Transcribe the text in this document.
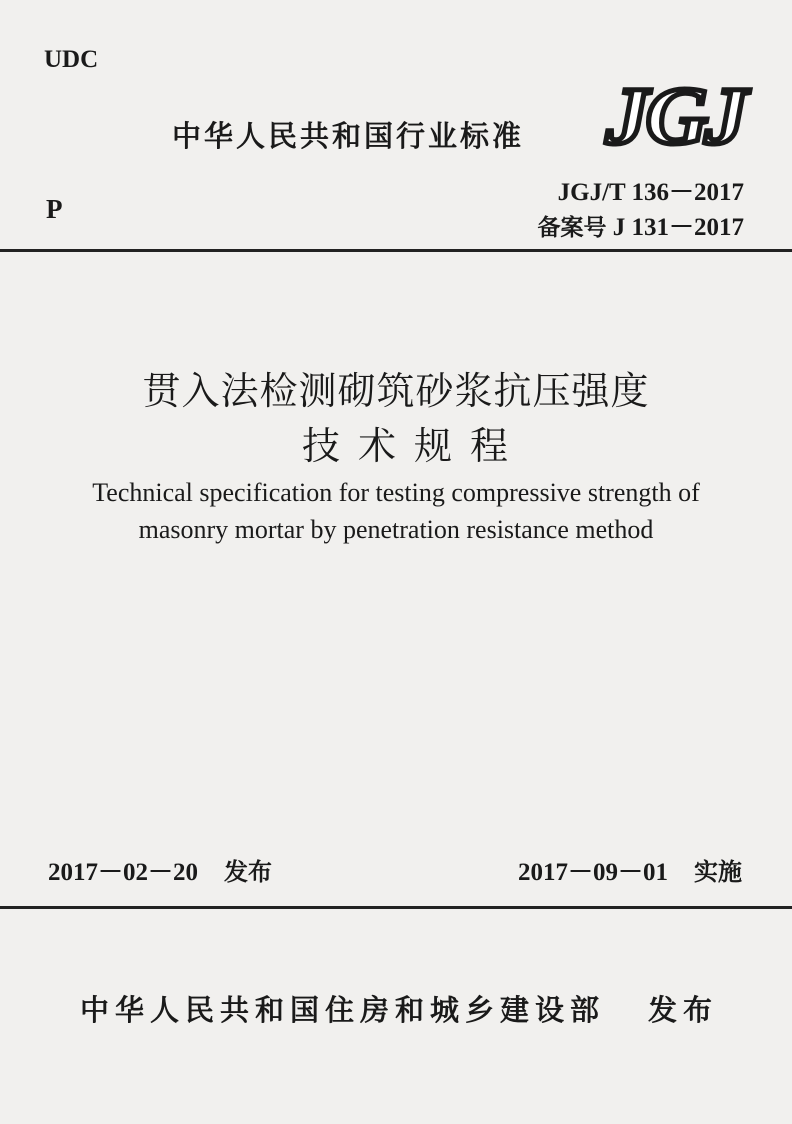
UDC
中华人民共和国行业标准 JGJ
P
JGJ/T 136－2017
备案号 J 131－2017
贯入法检测砌筑砂浆抗压强度
技术规程
Technical specification for testing compressive strength of
masonry mortar by penetration resistance method
2017－02－20 发布	2017－09－01 实施
中华人民共和国住房和城乡建设部 发布
